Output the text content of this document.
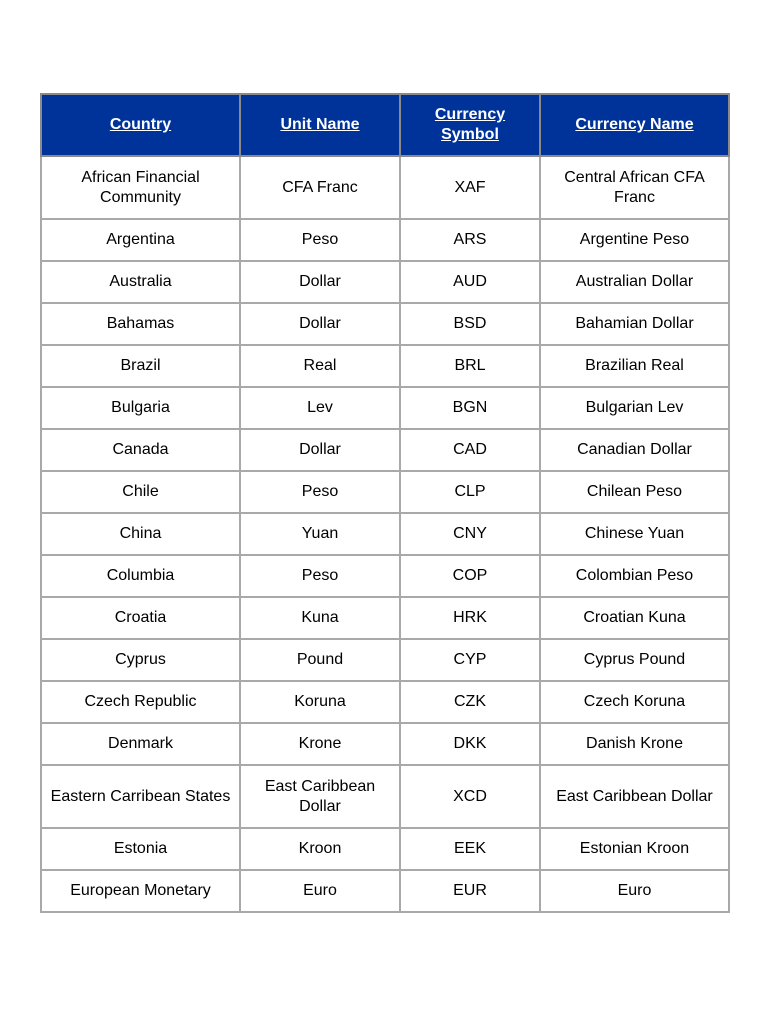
Country	Unit Name	Currency Symbol	Currency Name
African Financial Community	CFA Franc	XAF	Central African CFA Franc
Argentina	Peso	ARS	Argentine Peso
Australia	Dollar	AUD	Australian Dollar
Bahamas	Dollar	BSD	Bahamian Dollar
Brazil	Real	BRL	Brazilian Real
Bulgaria	Lev	BGN	Bulgarian Lev
Canada	Dollar	CAD	Canadian Dollar
Chile	Peso	CLP	Chilean Peso
China	Yuan	CNY	Chinese Yuan
Columbia	Peso	COP	Colombian Peso
Croatia	Kuna	HRK	Croatian Kuna
Cyprus	Pound	CYP	Cyprus Pound
Czech Republic	Koruna	CZK	Czech Koruna
Denmark	Krone	DKK	Danish Krone
Eastern Carribean States	East Caribbean Dollar	XCD	East Caribbean Dollar
Estonia	Kroon	EEK	Estonian Kroon
European Monetary	Euro	EUR	Euro
